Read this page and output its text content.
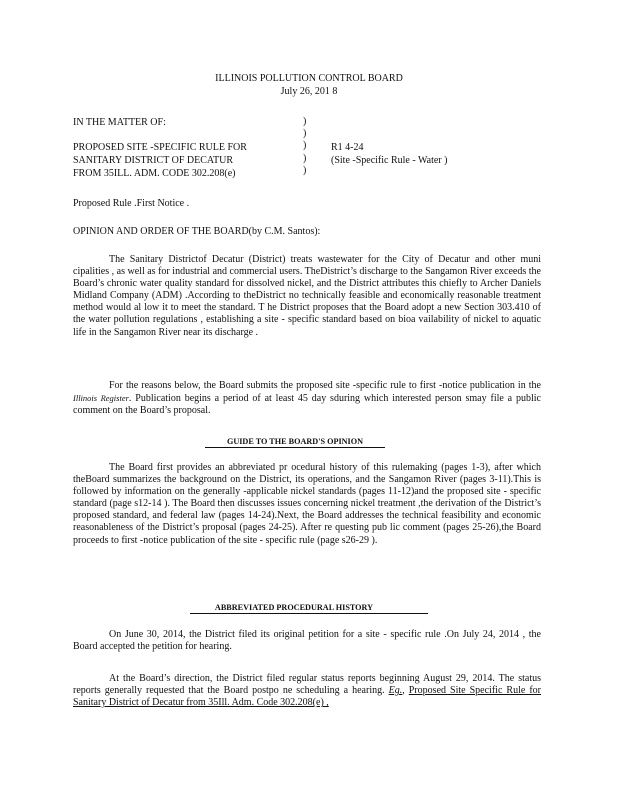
ILLINOIS POLLUTION CONTROL BOARD
July 26, 201 8
IN THE MATTER OF:
PROPOSED SITE -SPECIFIC RULE FOR
SANITARY DISTRICT OF DECATUR
FROM 35ILL. ADM. CODE 302.208(e)
)
)
)
)
)
R1 4-24
(Site -Specific Rule - Water )
Proposed Rule .First Notice .
OPINION AND ORDER OF THE BOARD(by C.M. Santos):
The Sanitary Districtof Decatur (District) treats wastewater for the City of Decatur and other muni cipalities , as well as for industrial and commercial users. TheDistrict’s discharge to the Sangamon River exceeds the Board’s chronic water quality standard for dissolved nickel, and the District attributes this chiefly to Archer Daniels Midland Company (ADM) .According to theDistrict no technically feasible and economically reasonable treatment method would al low it to meet the standard. T he District proposes that the Board adopt a new Section 303.410 of the water pollution regulations , establishing a site - specific standard based on bioa vailability of nickel to aquatic life in the Sangamon River near its discharge .
For the reasons below, the Board submits the proposed site -specific rule to first -notice publication in the Illinois Register. Publication begins a period of at least 45 day sduring which interested person smay file a public comment on the Board’s proposal.
GUIDE TO THE BOARD'S OPINION
The Board first provides an abbreviated pr ocedural history of this rulemaking (pages 1-3), after which theBoard summarizes the background on the District, its operations, and the Sangamon River (pages 3-11).This is followed by information on the generally -applicable nickel standards (pages 11-12)and the proposed site - specific standard (page s12-14 ). The Board then discusses issues concerning nickel treatment ,the derivation of the District’s proposed standard, and federal law (pages 14-24).Next, the Board addresses the technical feasibility and economic reasonableness of the District’s proposal (pages 24-25). After re questing pub lic comment (pages 25-26),the Board proceeds to first -notice publication of the site - specific rule (page s26-29 ).
ABBREVIATED PROCEDURAL HISTORY
On June 30, 2014, the District filed its original petition for a site - specific rule .On July 24, 2014 , the Board accepted the petition for hearing.
At the Board’s direction, the District filed regular status reports beginning August 29, 2014. The status reports generally requested that the Board postpo ne scheduling a hearing. Eg., Proposed Site Specific Rule for Sanitary District of Decatur from 35Ill. Adm. Code 302.208(e) ,
